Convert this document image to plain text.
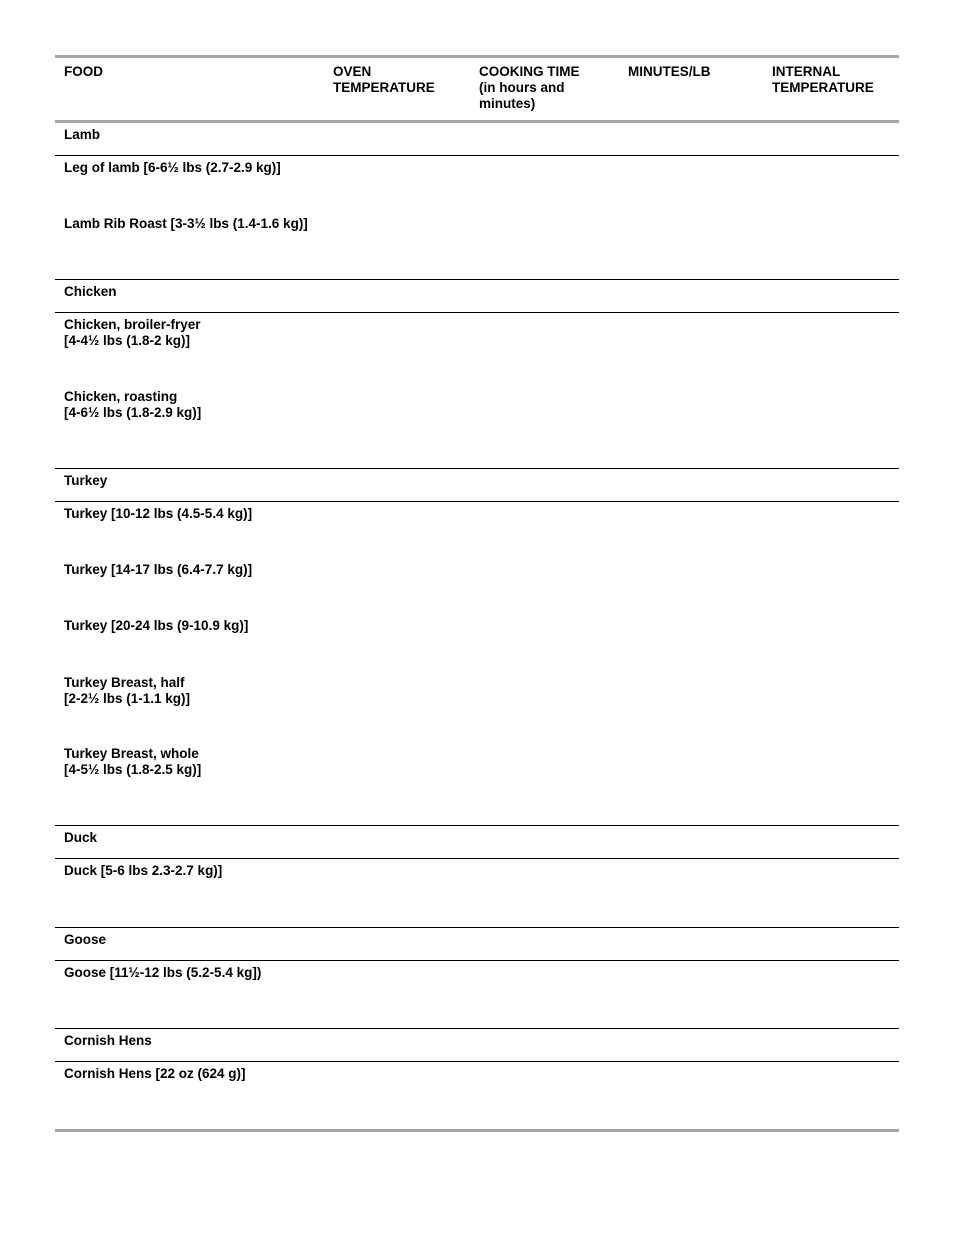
FOOD	OVEN
TEMPERATURE
COOKING TIME
(in hours and
minutes)
MINUTES/LB	INTERNAL
TEMPERATURE
Lamb
Leg of lamb [6-6½ lbs (2.7-2.9 kg)]
Lamb Rib Roast [3-3½ lbs (1.4-1.6 kg)]
Chicken
Chicken, broiler-fryer
[4-4½ lbs (1.8-2 kg)]
Chicken, roasting
[4-6½ lbs (1.8-2.9 kg)]
Turkey
Turkey [10-12 lbs (4.5-5.4 kg)]
Turkey [14-17 lbs (6.4-7.7 kg)]
Turkey [20-24 lbs (9-10.9 kg)]
Turkey Breast, half
[2-2½ lbs (1-1.1 kg)]
Turkey Breast, whole
[4-5½ lbs (1.8-2.5 kg)]
Duck
Duck [5-6 lbs 2.3-2.7 kg)]
Goose
Goose [11½-12 lbs (5.2-5.4 kg])
Cornish Hens
Cornish Hens [22 oz (624 g)]
